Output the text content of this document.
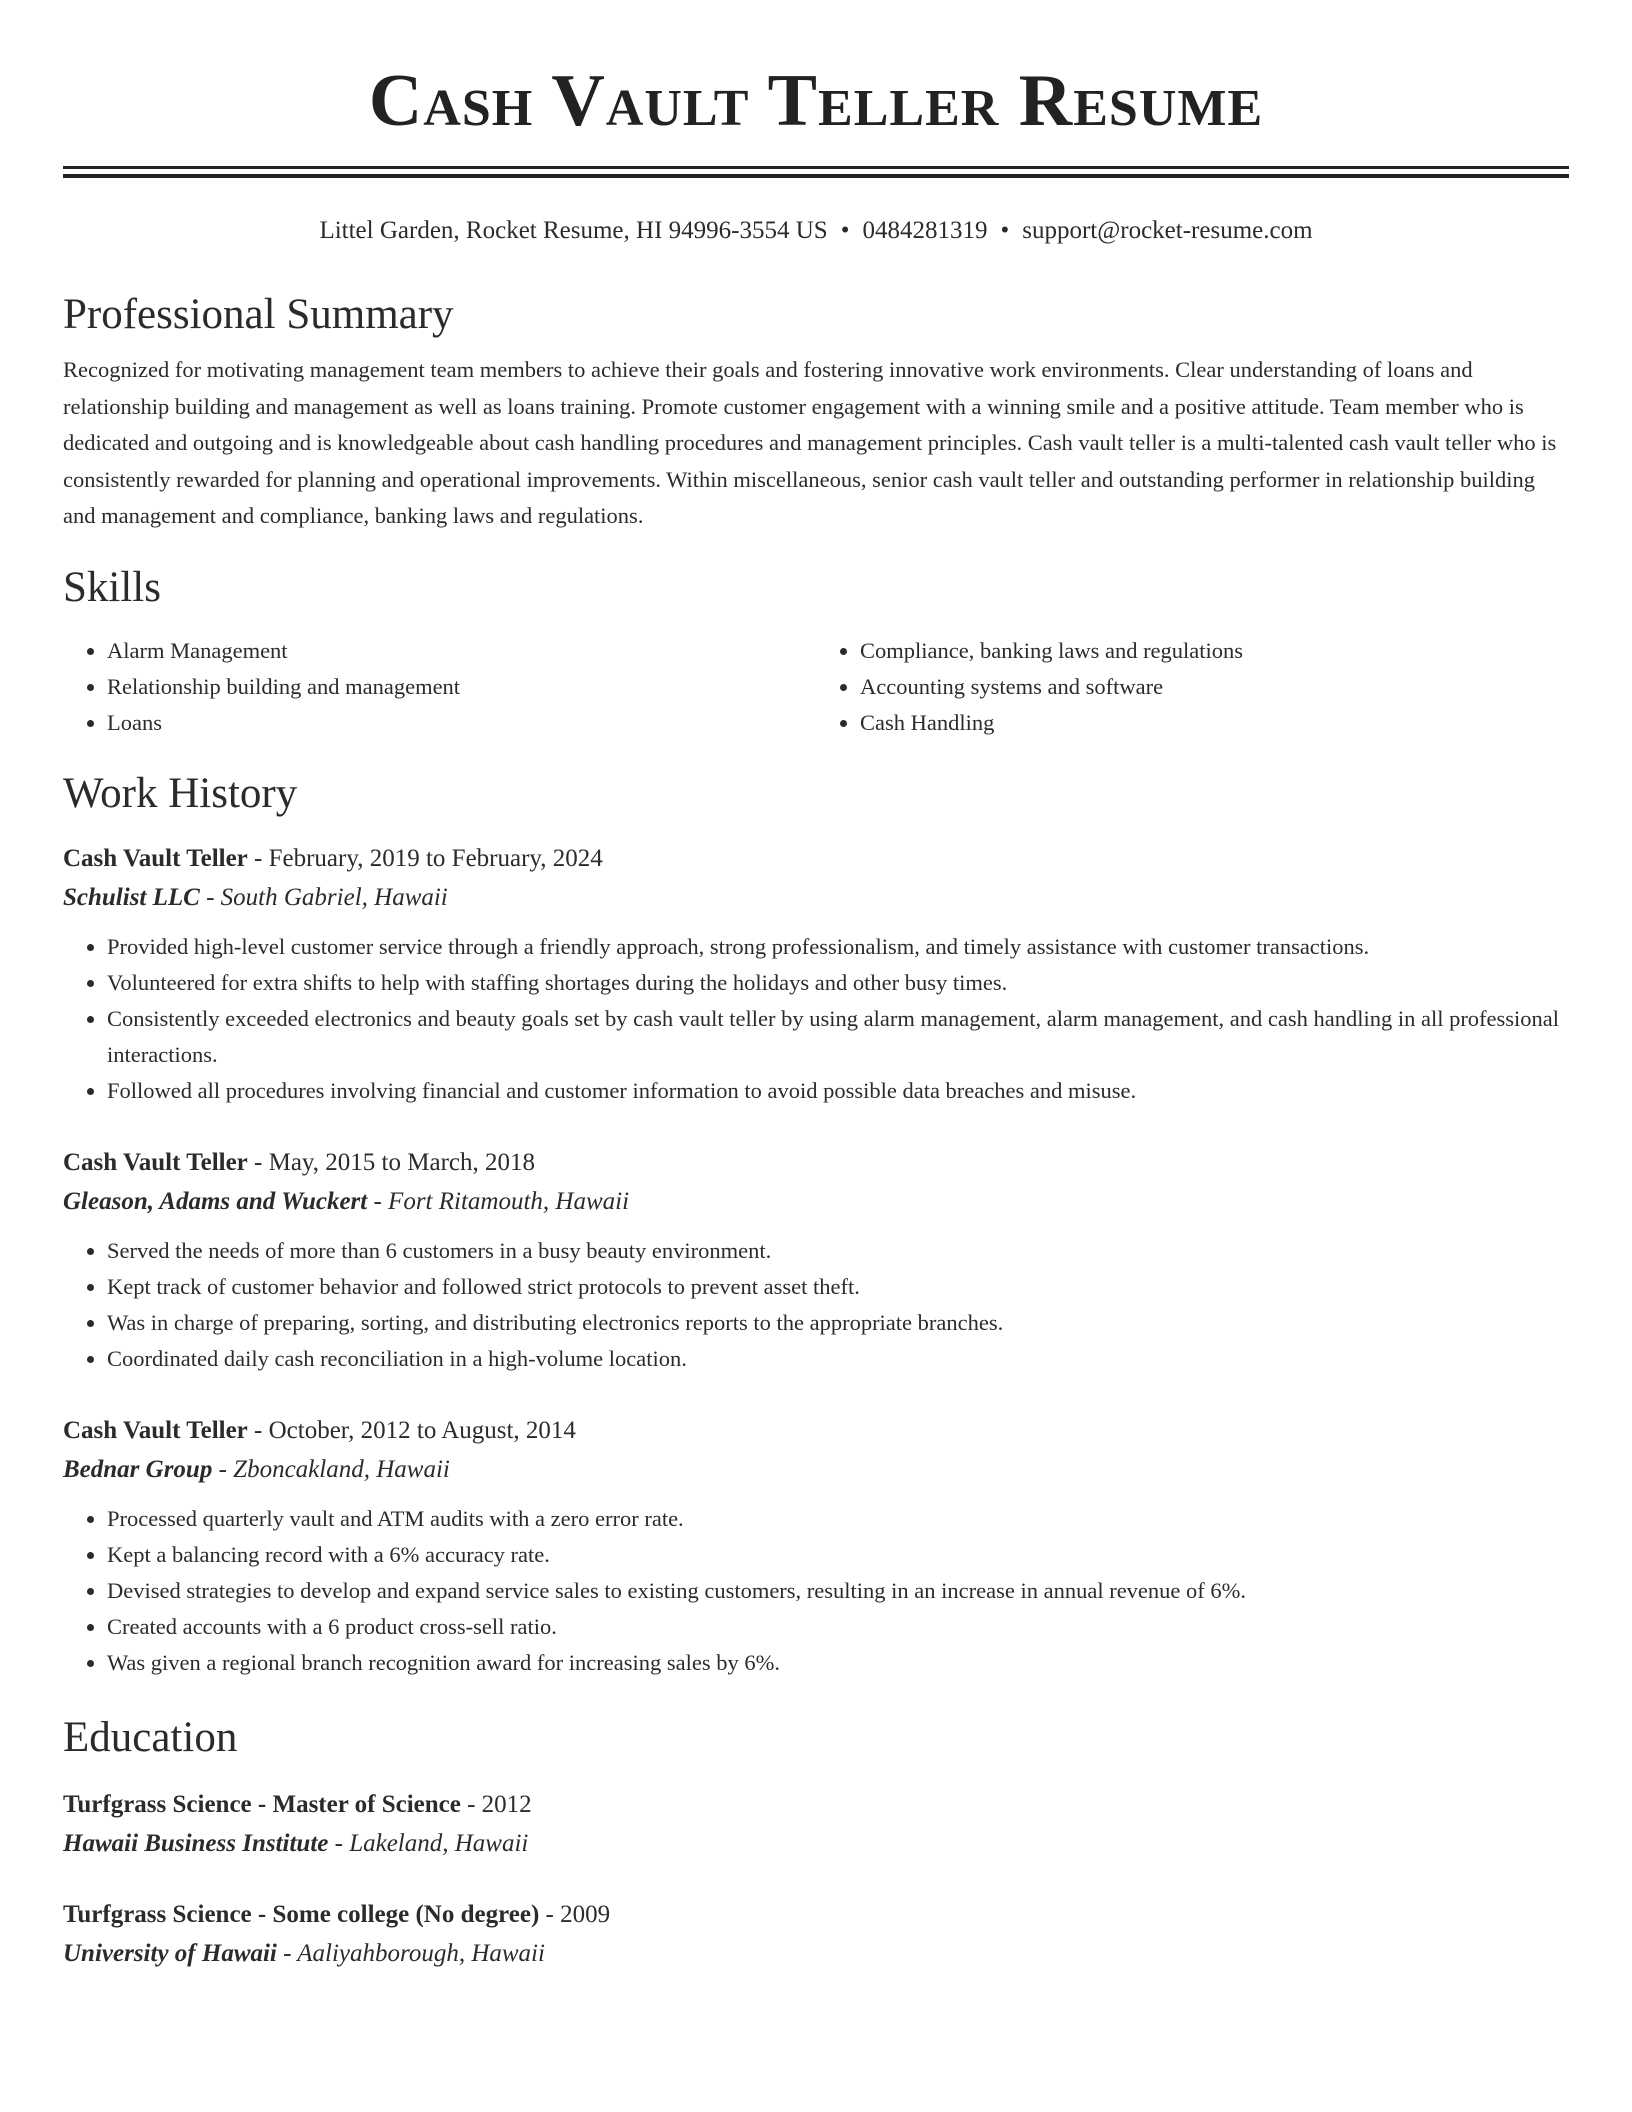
Cash Vault Teller Resume
Littel Garden, Rocket Resume, HI 94996-3554 US • 0484281319 • support@rocket-resume.com
Professional Summary

Recognized for motivating management team members to achieve their goals and fostering innovative work environments. Clear understanding of loans and relationship building and management as well as loans training. Promote customer engagement with a winning smile and a positive attitude. Team member who is dedicated and outgoing and is knowledgeable about cash handling procedures and management principles. Cash vault teller is a multi-talented cash vault teller who is consistently rewarded for planning and operational improvements. Within miscellaneous, senior cash vault teller and outstanding performer in relationship building and management and compliance, banking laws and regulations.

Skills
• Alarm Management
• Relationship building and management
• Loans
• Compliance, banking laws and regulations
• Accounting systems and software
• Cash Handling
Work History
Cash Vault Teller - February, 2019 to February, 2024
Schulist LLC - South Gabriel, Hawaii
• Provided high-level customer service through a friendly approach, strong professionalism, and timely assistance with customer transactions.
• Volunteered for extra shifts to help with staffing shortages during the holidays and other busy times.
• Consistently exceeded electronics and beauty goals set by cash vault teller by using alarm management, alarm management, and cash handling in all professional interactions.
• Followed all procedures involving financial and customer information to avoid possible data breaches and misuse.
Cash Vault Teller - May, 2015 to March, 2018
Gleason, Adams and Wuckert - Fort Ritamouth, Hawaii
• Served the needs of more than 6 customers in a busy beauty environment.
• Kept track of customer behavior and followed strict protocols to prevent asset theft.
• Was in charge of preparing, sorting, and distributing electronics reports to the appropriate branches.
• Coordinated daily cash reconciliation in a high-volume location.
Cash Vault Teller - October, 2012 to August, 2014
Bednar Group - Zboncakland, Hawaii
• Processed quarterly vault and ATM audits with a zero error rate.
• Kept a balancing record with a 6% accuracy rate.
• Devised strategies to develop and expand service sales to existing customers, resulting in an increase in annual revenue of 6%.
• Created accounts with a 6 product cross-sell ratio.
• Was given a regional branch recognition award for increasing sales by 6%.
Education
Turfgrass Science - Master of Science - 2012
Hawaii Business Institute - Lakeland, Hawaii
Turfgrass Science - Some college (No degree) - 2009
University of Hawaii - Aaliyahborough, Hawaii
